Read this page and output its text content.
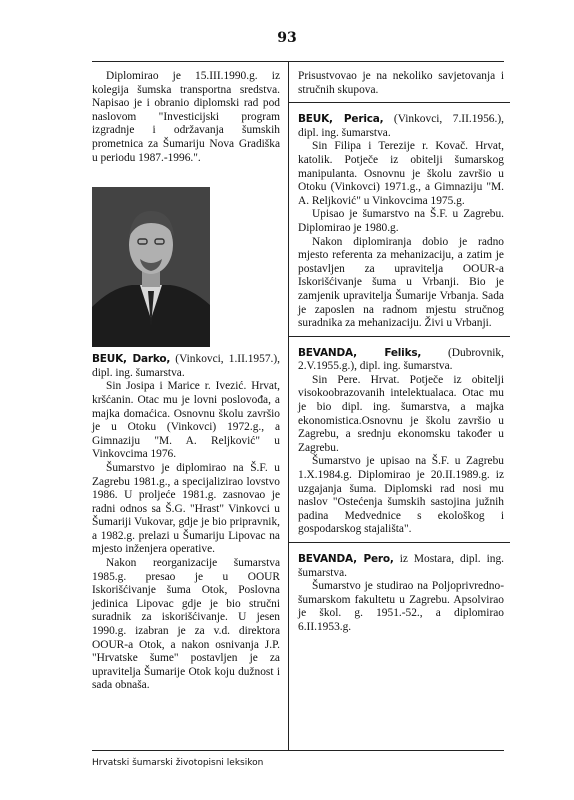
93

Diplomirao je 15.III.1990.g. iz kolegija šumska transportna sredstva. Napisao je i obranio diplomski rad pod naslovom "Investicijski program izgradnje i održavanja šumskih prometnica za Šumariju Nova Gradiška u periodu 1987.-1996.".

BEUK, Darko, (Vinkovci, 1.II.1957.), dipl. ing. šumarstva.

Sin Josipa i Marice r. Ivezić. Hrvat, kršćanin. Otac mu je lovni poslovođa, a majka domaćica. Osnovnu školu završio je u Otoku (Vinkovci) 1972.g., a Gimnaziju "M. A. Reljković" u Vinkovcima 1976.

Šumarstvo je diplomirao na Š.F. u Zagrebu 1981.g., a specijalizirao lovstvo 1986. U proljeće 1981.g. zasnovao je radni odnos sa Š.G. "Hrast" Vinkovci u Šumariji Vukovar, gdje je bio pripravnik, a 1982.g. prelazi u Šumariju Lipovac na mjesto inženjera operative.

Nakon reorganizacije šumarstva 1985.g. presao je u OOUR Iskorišćivanje šuma Otok, Poslovna jedinica Lipovac gdje je bio stručni suradnik za iskorišćivanje. U jesen 1990.g. izabran je za v.d. direktora OOUR-a Otok, a nakon osnivanja J.P. "Hrvatske šume" postavljen je za upravitelja Šumarije Otok koju dužnost i sada obnaša.

Prisustvovao je na nekoliko savjetovanja i stručnih skupova.

BEUK, Perica, (Vinkovci, 7.II.1956.), dipl. ing. šumarstva.

Sin Filipa i Terezije r. Kovač. Hrvat, katolik. Potječe iz obitelji šumarskog manipulanta. Osnovnu je školu završio u Otoku (Vinkovci) 1971.g., a Gimnaziju "M. A. Reljković" u Vinkovcima 1975.g.

Upisao je šumarstvo na Š.F. u Zagrebu. Diplomirao je 1980.g.

Nakon diplomiranja dobio je radno mjesto referenta za mehanizaciju, a zatim je postavljen za upravitelja OOUR-a Iskorišćivanje šuma u Vrbanji. Bio je zamjenik upravitelja Šumarije Vrbanja. Sada je zaposlen na radnom mjestu stručnog suradnika za mehanizaciju. Živi u Vrbanji.

BEVANDA, Feliks, (Dubrovnik, 2.V.1955.g.), dipl. ing. šumarstva.

Sin Pere. Hrvat. Potječe iz obitelji visokoobrazovanih intelektualaca. Otac mu je bio dipl. ing. šumarstva, a majka ekonomistica.Osnovnu je školu završio u Zagrebu, a srednju ekonomsku također u Zagrebu.

Šumarstvo je upisao na Š.F. u Zagrebu 1.X.1984.g. Diplomirao je 20.II.1989.g. iz uzgajanja šuma. Diplomski rad nosi mu naslov "Ostećenja šumskih sastojina južnih padina Medvednice s ekološkog i gospodarskog stajališta".

BEVANDA, Pero, iz Mostara, dipl. ing. šumarstva.

Šumarstvo je studirao na Poljoprivredno-šumarskom fakultetu u Zagrebu. Apsolvirao je škol. g. 1951.-52., a diplomirao 6.II.1953.g.

Hrvatski šumarski životopisni leksikon
